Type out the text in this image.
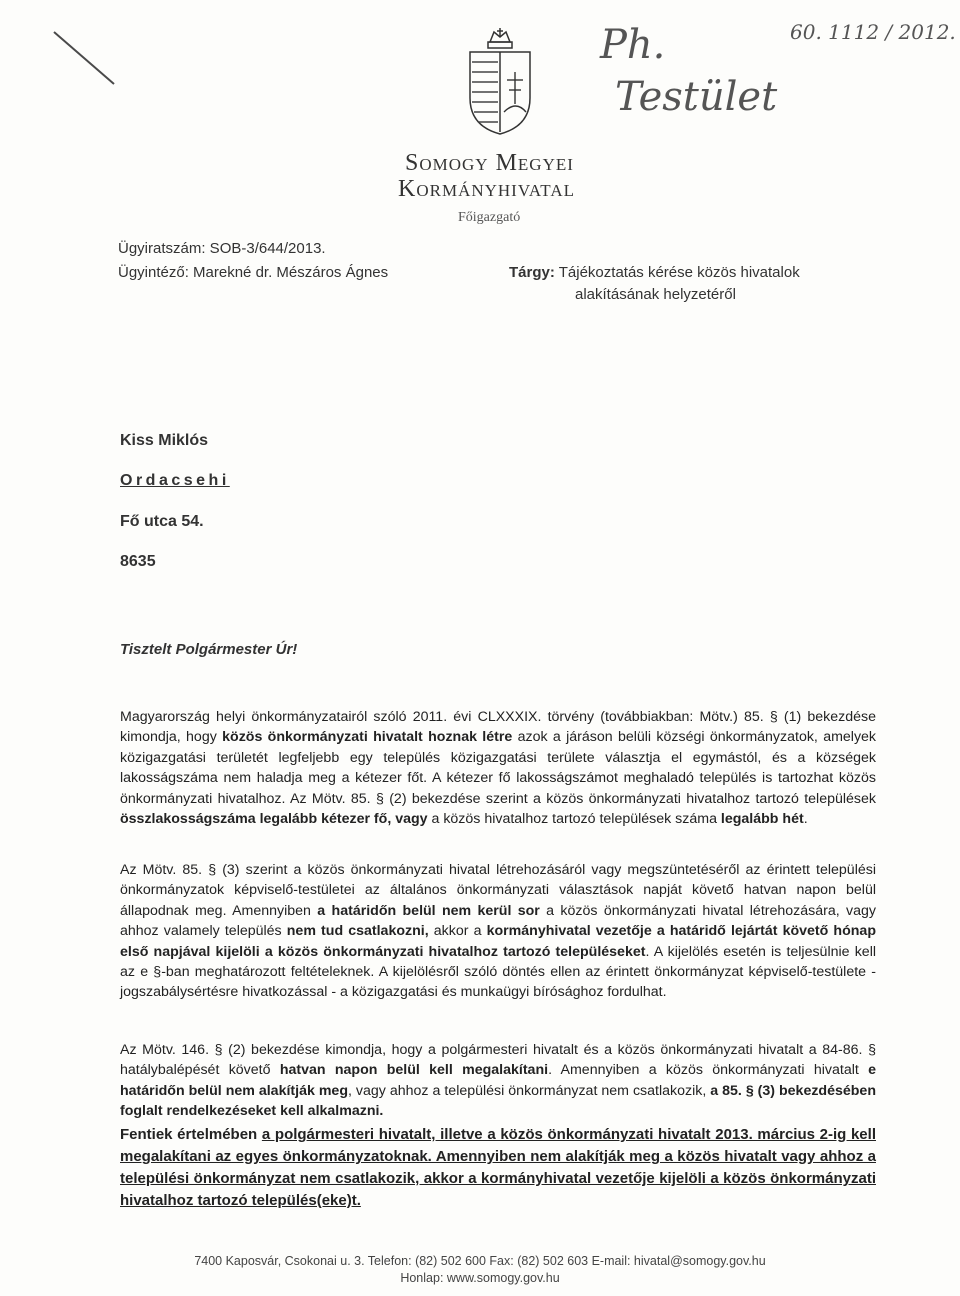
60. 1112 / 2012.
Ph.
Testület
Somogy Megyei
Kormányhivatal
Főigazgató
Ügyiratszám: SOB-3/644/2013.
Ügyintéző: Marekné dr. Mészáros Ágnes	Tárgy: Tájékoztatás kérése közös hivatalok
alakításának helyzetéről
Kiss Miklós
Ordacsehi
Fő utca 54.
8635
Tisztelt Polgármester Úr!
Magyarország helyi önkormányzatairól szóló 2011. évi CLXXXIX. törvény (továbbiakban: Mötv.) 85. § (1) bekezdése kimondja, hogy közös önkormányzati hivatalt hoznak létre azok a járáson belüli községi önkormányzatok, amelyek közigazgatási területét legfeljebb egy település közigazgatási területe választja el egymástól, és a községek lakosságszáma nem haladja meg a kétezer főt. A kétezer fő lakosságszámot meghaladó település is tartozhat közös önkormányzati hivatalhoz. Az Mötv. 85. § (2) bekezdése szerint a közös önkormányzati hivatalhoz tartozó települések összlakosságszáma legalább kétezer fő, vagy a közös hivatalhoz tartozó települések száma legalább hét.
Az Mötv. 85. § (3) szerint a közös önkormányzati hivatal létrehozásáról vagy megszüntetéséről az érintett települési önkormányzatok képviselő-testületei az általános önkormányzati választások napját követő hatvan napon belül állapodnak meg. Amennyiben a határidőn belül nem kerül sor a közös önkormányzati hivatal létrehozására, vagy ahhoz valamely település nem tud csatlakozni, akkor a kormányhivatal vezetője a határidő lejártát követő hónap első napjával kijelöli a közös önkormányzati hivatalhoz tartozó településeket. A kijelölés esetén is teljesülnie kell az e §-ban meghatározott feltételeknek. A kijelölésről szóló döntés ellen az érintett önkormányzat képviselő-testülete - jogszabálysértésre hivatkozással - a közigazgatási és munkaügyi bírósághoz fordulhat.
Az Mötv. 146. § (2) bekezdése kimondja, hogy a polgármesteri hivatalt és a közös önkormányzati hivatalt a 84-86. § hatálybalépését követő hatvan napon belül kell megalakítani. Amennyiben a közös önkormányzati hivatalt e határidőn belül nem alakítják meg, vagy ahhoz a települési önkormányzat nem csatlakozik, a 85. § (3) bekezdésében foglalt rendelkezéseket kell alkalmazni.
Fentiek értelmében a polgármesteri hivatalt, illetve a közös önkormányzati hivatalt 2013. március 2-ig kell megalakítani az egyes önkormányzatoknak. Amennyiben nem alakítják meg a közös hivatalt vagy ahhoz a települési önkormányzat nem csatlakozik, akkor a kormányhivatal vezetője kijelöli a közös önkormányzati hivatalhoz tartozó település(eke)t.
7400 Kaposvár, Csokonai u. 3. Telefon: (82) 502 600 Fax: (82) 502 603 E-mail: hivatal@somogy.gov.hu
Honlap: www.somogy.gov.hu
